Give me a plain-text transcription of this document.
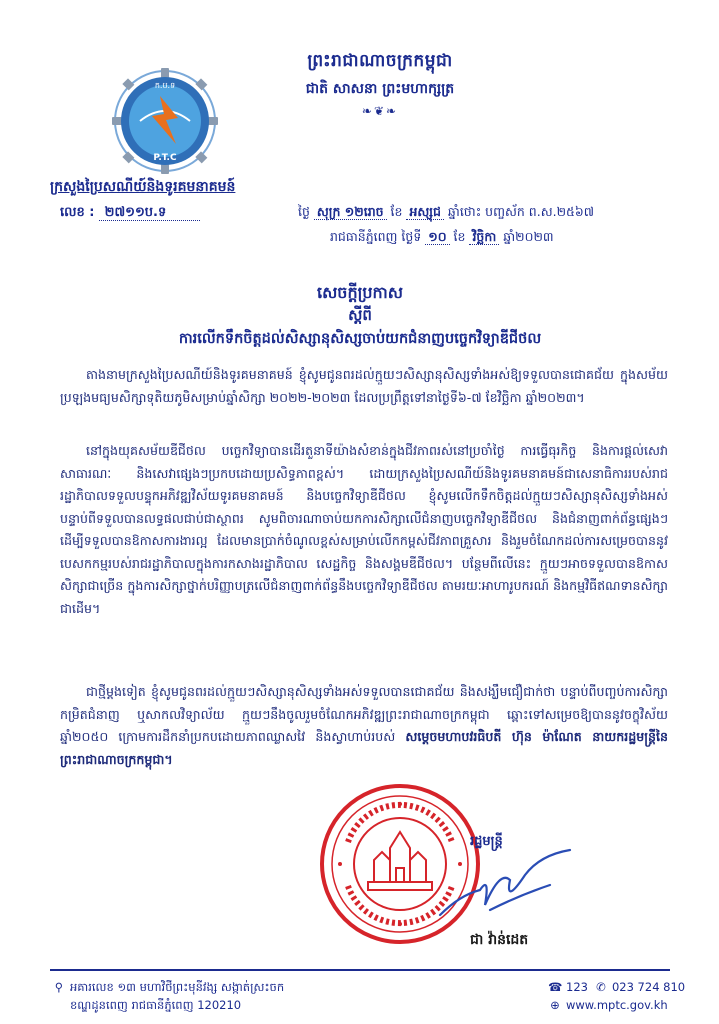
ព្រះរាជាណាចក្រកម្ពុជា
ជាតិ សាសនា ព្រះមហាក្សត្រ
❧❦❧
ក.ប.ទ
P.T.C
ក្រសួងប្រៃសណីយ៍និងទូរគមនាគមន៍
លេខ : ២៧១១ប.ទ	ថ្ងៃ សុក្រ ១២រោច ខែ អស្សុជ ឆ្នាំថោះ បញ្ចស័ក ព.ស.២៥៦៧
រាជធានីភ្នំពេញ ថ្ងៃទី ១០ ខែ វិច្ឆិកា ឆ្នាំ២០២៣
សេចក្តីប្រកាស
ស្តីពី
ការលើកទឹកចិត្តដល់សិស្សានុសិស្សចាប់យកជំនាញបច្ចេកវិទ្យាឌីជីថល
តាងនាមក្រសួងប្រៃសណីយ៍និងទូរគមនាគមន៍ ខ្ញុំសូមជូនពរដល់ក្មួយៗសិស្សានុសិស្សទាំងអស់ឱ្យទទួលបានជោគជ័យ ក្នុងសម័យប្រឡងមធ្យមសិក្សាទុតិយភូមិសម្រាប់ឆ្នាំសិក្សា ២០២២-២០២៣ ដែលប្រព្រឹត្តទៅនាថ្ងៃទី៦-៧ ខែវិច្ឆិកា ឆ្នាំ២០២៣។
នៅក្នុងយុគសម័យឌីជីថល បច្ចេកវិទ្យាបានដើរតួនាទីយ៉ាងសំខាន់ក្នុងជីវភាពរស់នៅប្រចាំថ្ងៃ ការធ្វើធុរកិច្ច និងការផ្តល់សេវាសាធារណៈ និងសេវាផ្សេងៗប្រកបដោយប្រសិទ្ធភាពខ្ពស់។ ដោយក្រសួងប្រៃសណីយ៍និងទូរគមនាគមន៍ជាសេនាធិការរបស់រាជរដ្ឋាភិបាលទទួលបន្ទុកអភិវឌ្ឍវិស័យទូរគមនាគមន៍ និងបច្ចេកវិទ្យាឌីជីថល ខ្ញុំសូមលើកទឹកចិត្តដល់ក្មួយៗសិស្សានុសិស្សទាំងអស់ បន្ទាប់ពីទទួលបានលទ្ធផលជាប់ជាស្ថាពរ សូមពិចារណាចាប់យកការសិក្សាលើជំនាញបច្ចេកវិទ្យាឌីជីថល និងជំនាញពាក់ព័ន្ធផ្សេងៗ ដើម្បីទទួលបានឱកាសការងារល្អ ដែលមានប្រាក់ចំណូលខ្ពស់សម្រាប់លើកកម្ពស់ជីវភាពគ្រួសារ និងរួមចំណែកដល់ការសម្រេចបាននូវបេសកកម្មរបស់រាជរដ្ឋាភិបាលក្នុងការកសាងរដ្ឋាភិបាល សេដ្ឋកិច្ច និងសង្គមឌីជីថល។ បន្ថែមពីលើនេះ ក្មួយៗអាចទទួលបានឱកាសសិក្សាជាច្រើន ក្នុងការសិក្សាថ្នាក់បរិញ្ញាបត្រលើជំនាញពាក់ព័ន្ធនឹងបច្ចេកវិទ្យាឌីជីថល តាមរយៈអាហារូបករណ៍ និងកម្មវិធីឥណទានសិក្សាជាដើម។
ជាថ្មីម្តងទៀត ខ្ញុំសូមជូនពរដល់ក្មួយៗសិស្សានុសិស្សទាំងអស់ទទួលបានជោគជ័យ និងសង្ឃឹមជឿជាក់ថា បន្ទាប់ពីបញ្ចប់ការសិក្សាកម្រិតជំនាញ ឬសាកលវិទ្យាល័យ ក្មួយៗនឹងចូលរួមចំណែកអភិវឌ្ឍព្រះរាជាណាចក្រកម្ពុជា ឆ្ពោះទៅសម្រេចឱ្យបាននូវចក្ខុវិស័យឆ្នាំ២០៥០ ក្រោមការដឹកនាំប្រកបដោយភាពឈ្លាសវៃ និងស្វាហាប់របស់ សម្តេចមហាបវរធិបតី ហ៊ុន ម៉ាណែត នាយករដ្ឋមន្ត្រីនៃព្រះរាជាណាចក្រកម្ពុជា។
រដ្ឋមន្ត្រី
ជា វ៉ាន់ដេត
⚲ អគារលេខ ១៣ មហាវិថីព្រះមុនីវង្ស សង្កាត់ស្រះចក
ខណ្ឌដូនពេញ រាជធានីភ្នំពេញ 120210
☎ 123 ✆ 023 724 810
⊕ www.mptc.gov.kh
